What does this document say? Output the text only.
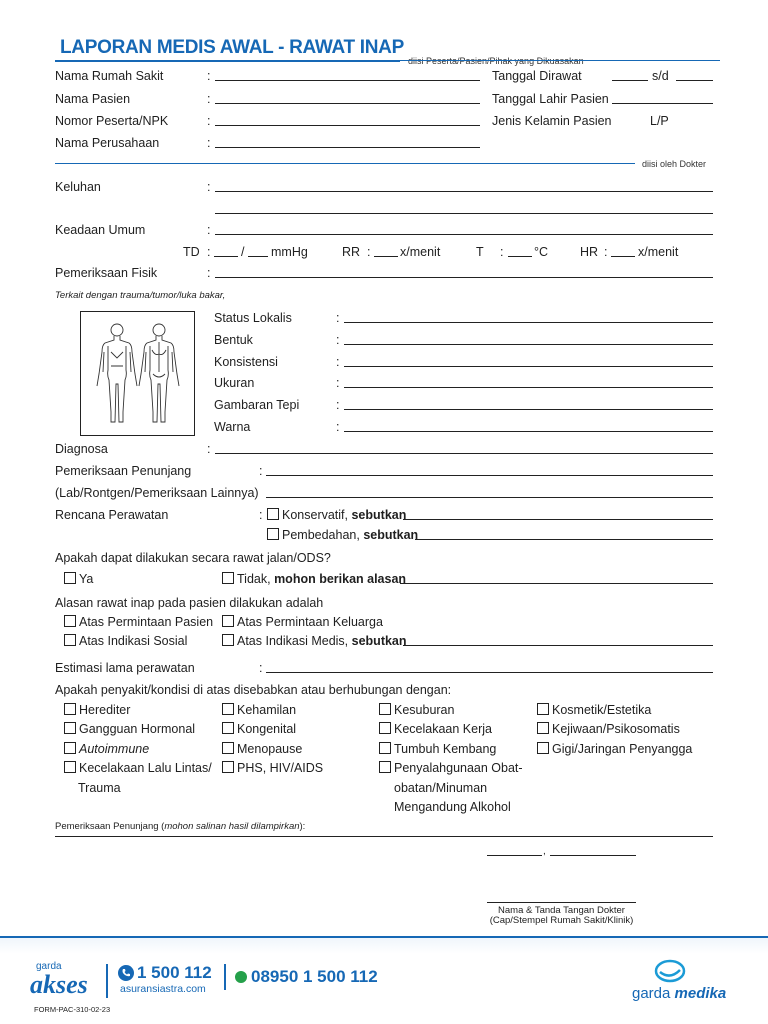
LAPORAN MEDIS AWAL - RAWAT INAP
diisi Peserta/Pasien/Pihak yang Dikuasakan
Nama Rumah Sakit	:
Nama Pasien	:
Nomor Peserta/NPK	:
Nama Perusahaan	:
Tanggal Dirawat	s/d
Tanggal Lahir Pasien
Jenis Kelamin Pasien	L/P
diisi oleh Dokter
Keluhan	:
Keadaan Umum	:
TD : / mmHg	RR : x/menit	T : °C	HR : x/menit
Pemeriksaan Fisik	:
Terkait dengan trauma/tumor/luka bakar,
Status Lokalis	:
Bentuk	:
Konsistensi	:
Ukuran	:
Gambaran Tepi	:
Warna	:
Diagnosa	:
Pemeriksaan Penunjang	:
(Lab/Rontgen/Pemeriksaan Lainnya)
Rencana Perawatan	:	Konservatif, sebutkan
Pembedahan, sebutkan
Apakah dapat dilakukan secara rawat jalan/ODS?
Ya	Tidak, mohon berikan alasan
Alasan rawat inap pada pasien dilakukan adalah
Atas Permintaan Pasien	Atas Permintaan Keluarga
Atas Indikasi Sosial	Atas Indikasi Medis, sebutkan
Estimasi lama perawatan	:
Apakah penyakit/kondisi di atas disebabkan atau berhubungan dengan:
Herediter
Gangguan Hormonal
Autoimmune
Kecelakaan Lalu Lintas/
Trauma
Kehamilan
Kongenital
Menopause
PHS, HIV/AIDS
Kesuburan
Kecelakaan Kerja
Tumbuh Kembang
Penyalahgunaan Obat-
obatan/Minuman
Mengandung Alkohol
Kosmetik/Estetika
Kejiwaan/Psikosomatis
Gigi/Jaringan Penyangga
Pemeriksaan Penunjang (mohon salinan hasil dilampirkan):
,
Nama & Tanda Tangan Dokter
(Cap/Stempel Rumah Sakit/Klinik)
garda
akses	1 500 112
asuransiastra.com
08950 1 500 112
garda medika
FORM-PAC-310-02-23
